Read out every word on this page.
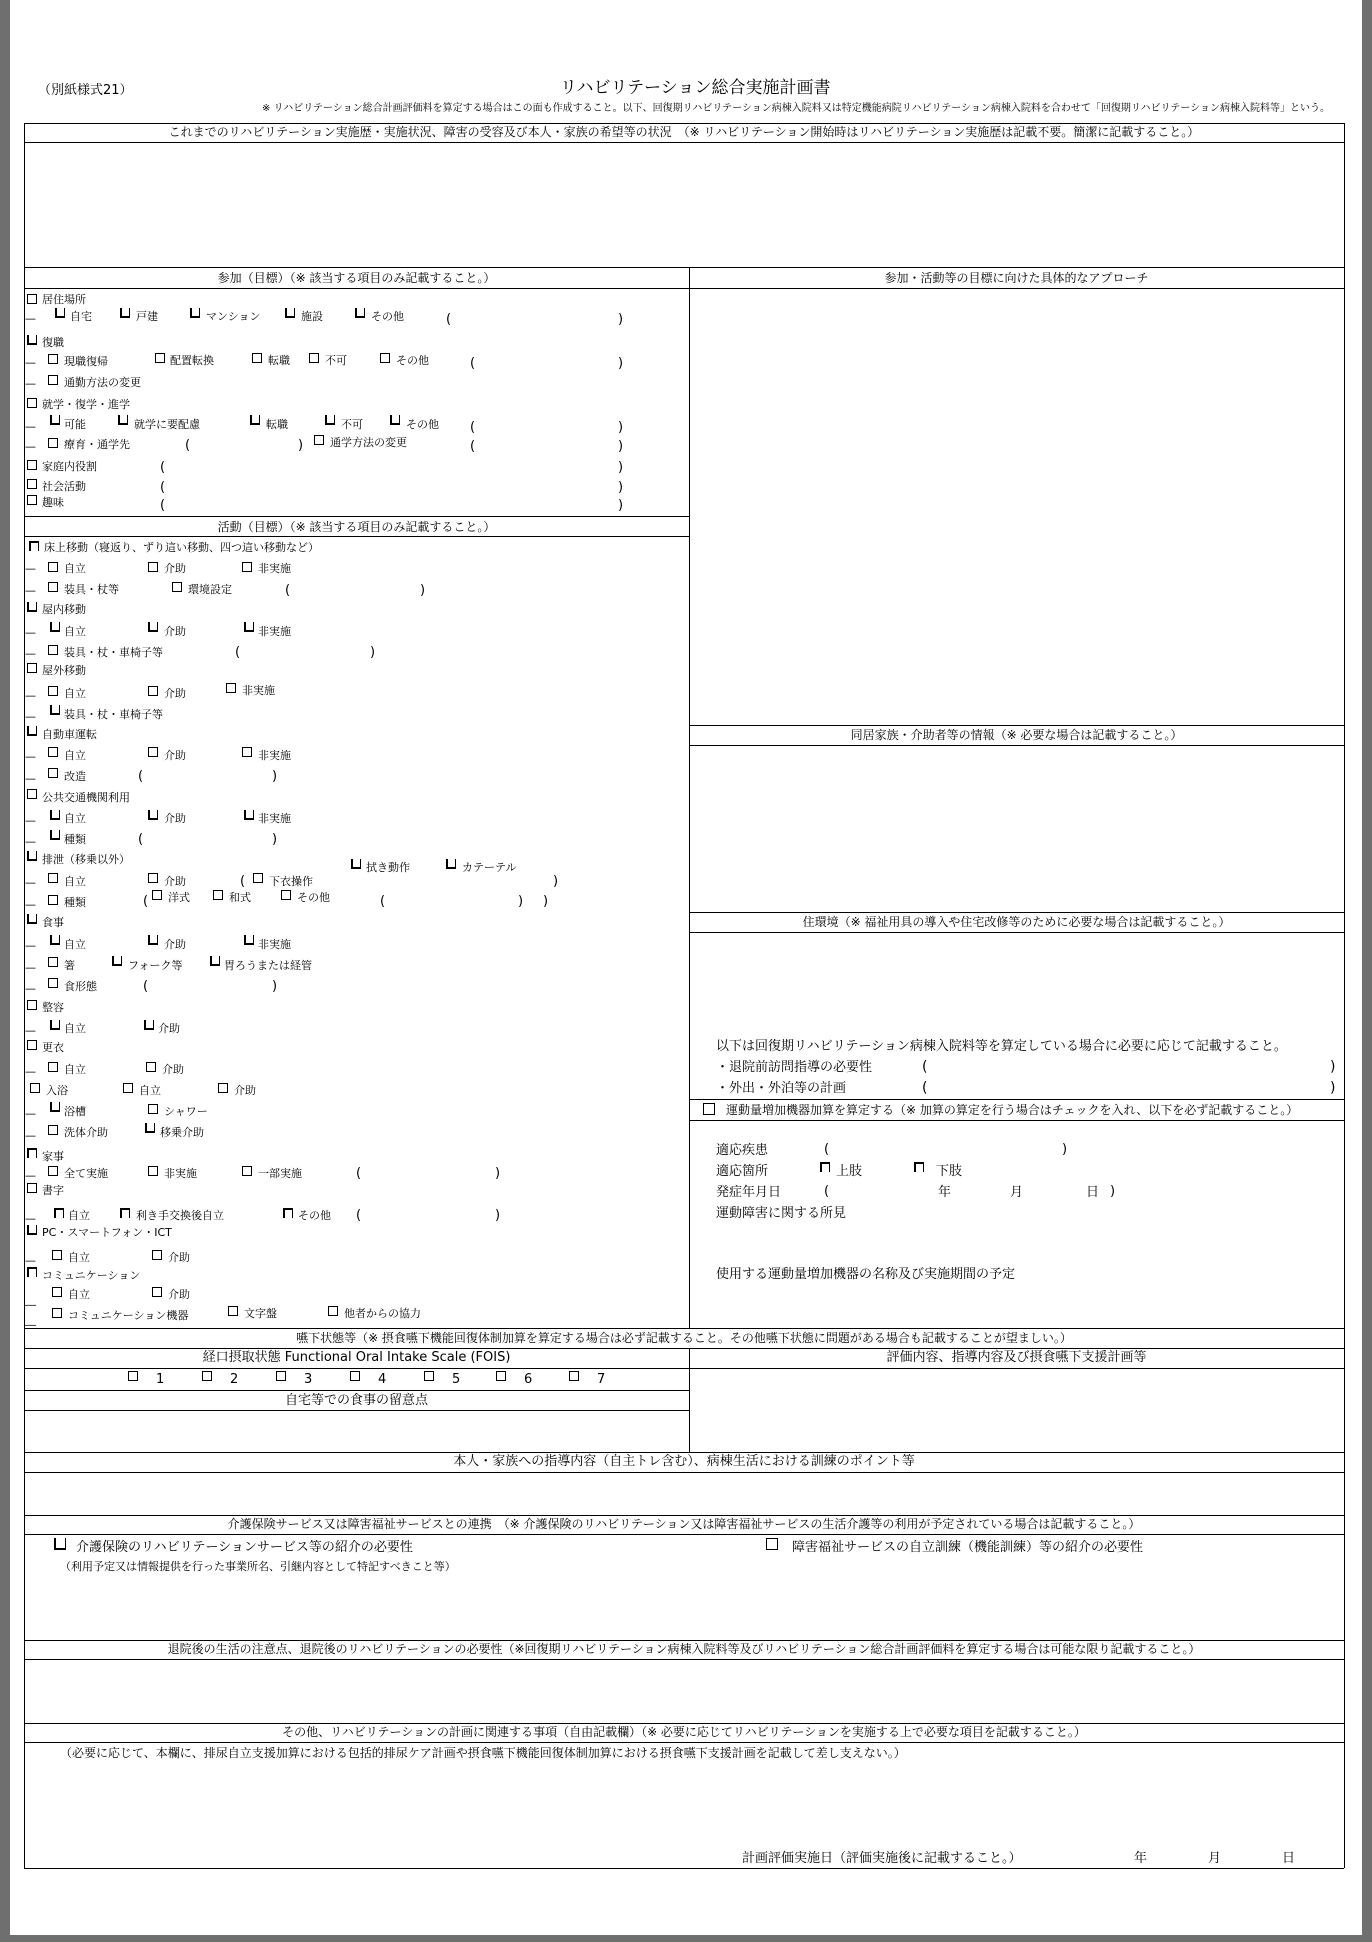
（別紙様式21）	リハビリテーション総合実施計画書
※ リハビリテーション総合計画評価料を算定する場合はこの面も作成すること。以下、回復期リハビリテーション病棟入院料又は特定機能病院リハビリテーション病棟入院料を合わせて「回復期リハビリテーション病棟入院料等」という。
これまでのリハビリテーション実施歴・実施状況、障害の受容及び本人・家族の希望等の状況　（※ リハビリテーション開始時はリハビリテーション実施歴は記載不要。簡潔に記載すること。）
参加（目標）（※ 該当する項目のみ記載すること。）
居住場所
—	自宅	戸建	マンション	施設	その他	(	)
復職
—	現職復帰	配置転換	転職	不可	その他	(	)
—	通勤方法の変更
就学・復学・進学
—	可能	就学に要配慮	転職	不可	その他 (	)
—	療育・通学先	(	) 通学方法の変更	(	)
家庭内役割	(	)
社会活動	(	)
趣味	(	)
活動（目標）（※ 該当する項目のみ記載すること。）
床上移動（寝返り、ずり這い移動、四つ這い移動など）
—	自立	介助	非実施
—	装具・杖等	環境設定	(	)
屋内移動
—	自立	介助	非実施
—	装具・杖・車椅子等	(	)
屋外移動
—	自立	介助	非実施
—	装具・杖・車椅子等
自動車運転
—	自立	介助	非実施
—	改造	(	)
公共交通機関利用
—	自立	介助	非実施
—	種類	(	)
排泄（移乗以外）
拭き動作	カテーテル
—	自立	介助	( 下衣操作	)
—	種類	( 洋式	和式	その他	(	) )
食事
—	自立	介助	非実施
—	箸	フォーク等	胃ろうまたは経管
—	食形態	(	)
整容
—	自立	介助
更衣
—	自立	介助
入浴	自立	介助
—	浴槽	シャワー
—	洗体介助	移乗介助
家事
—	全て実施	非実施	一部実施	(	)
書字
—	自立	利き手交換後自立	その他 (	)
PC・スマートフォン・ICT
—	自立	介助
コミュニケーション
__	自立	介助
__	コミュニケーション機器	文字盤	他者からの協力
参加・活動等の目標に向けた具体的なアプローチ
同居家族・介助者等の情報（※ 必要な場合は記載すること。）
住環境（※ 福祉用具の導入や住宅改修等のために必要な場合は記載すること。）
以下は回復期リハビリテーション病棟入院料等を算定している場合に必要に応じて記載すること。
・退院前訪問指導の必要性	(	)
・外出・外泊等の計画	(	)
運動量増加機器加算を算定する（※ 加算の算定を行う場合はチェックを入れ、以下を必ず記載すること。）
適応疾患	(	)
適応箇所	上肢	下肢
発症年月日	(	年	月	日 )
運動障害に関する所見
使用する運動量増加機器の名称及び実施期間の予定
嚥下状態等（※ 摂食嚥下機能回復体制加算を算定する場合は必ず記載すること。その他嚥下状態に問題がある場合も記載することが望ましい。）
経口摂取状態 Functional Oral Intake Scale (FOIS)	評価内容、指導内容及び摂食嚥下支援計画等
1	2	3	4	5	6	7
自宅等での食事の留意点
本人・家族への指導内容（自主トレ含む）、病棟生活における訓練のポイント等
介護保険サービス又は障害福祉サービスとの連携　（※ 介護保険のリハビリテーション又は障害福祉サービスの生活介護等の利用が予定されている場合は記載すること。）
介護保険のリハビリテーションサービス等の紹介の必要性
（利用予定又は情報提供を行った事業所名、引継内容として特記すべきこと等）
障害福祉サービスの自立訓練（機能訓練）等の紹介の必要性
退院後の生活の注意点、退院後のリハビリテーションの必要性（※回復期リハビリテーション病棟入院料等及びリハビリテーション総合計画評価料を算定する場合は可能な限り記載すること。）
その他、リハビリテーションの計画に関連する事項（自由記載欄）（※ 必要に応じてリハビリテーションを実施する上で必要な項目を記載すること。）
（必要に応じて、本欄に、排尿自立支援加算における包括的排尿ケア計画や摂食嚥下機能回復体制加算における摂食嚥下支援計画を記載して差し支えない。）
計画評価実施日（評価実施後に記載すること。）	年	月	日
